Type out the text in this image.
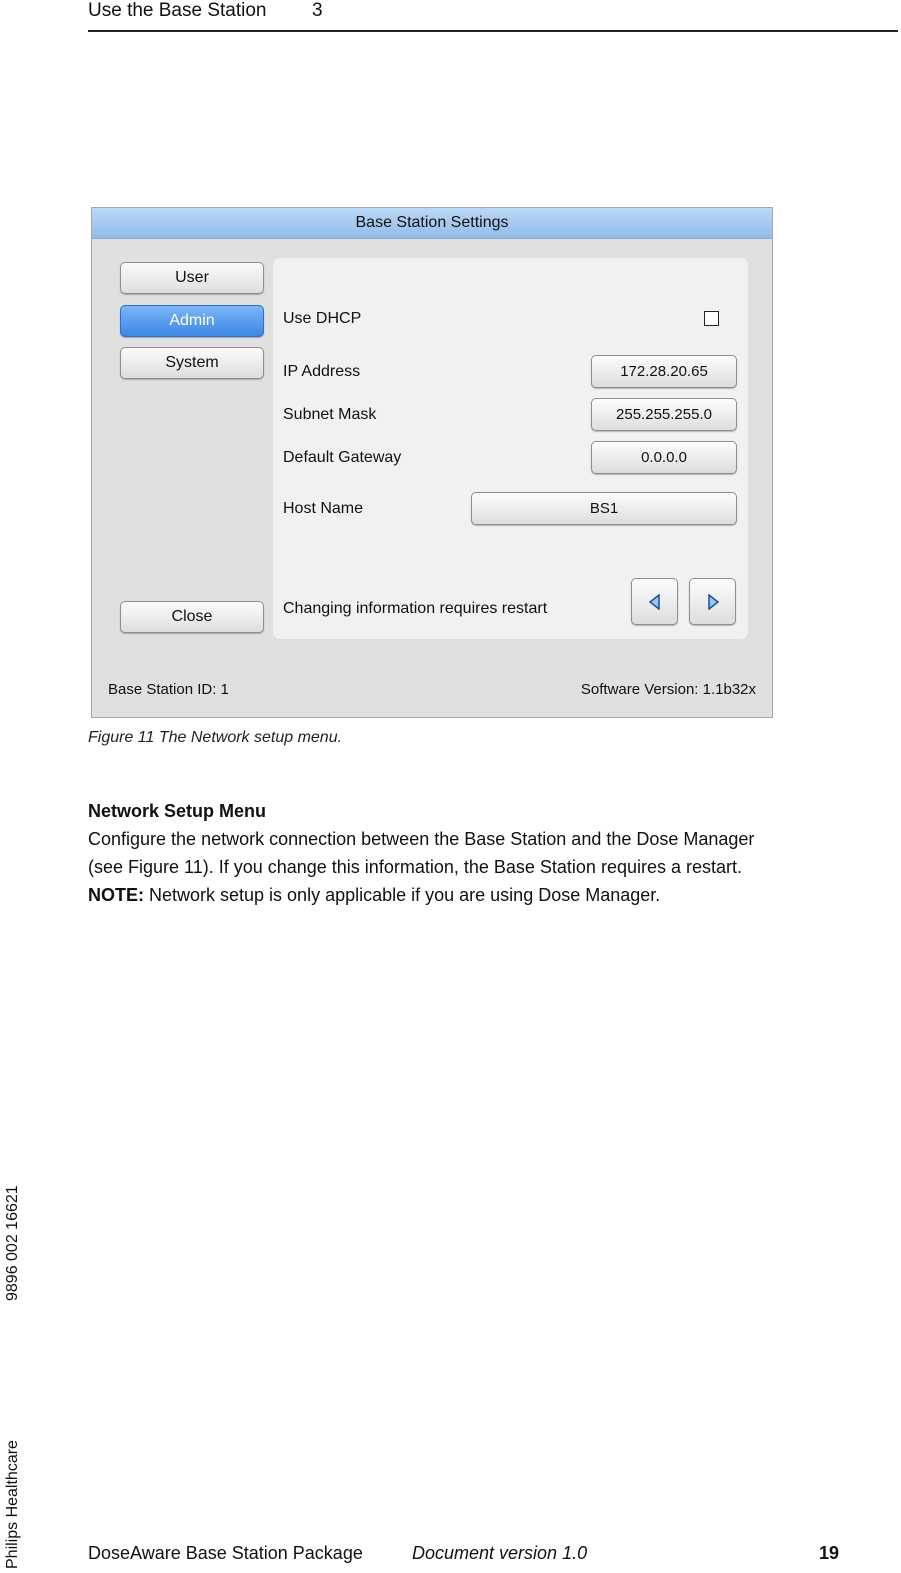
Use the Base Station 3
Philips Healthcare
9896 002 16621
Base Station Settings
User
Admin
System
Close
Use DHCP
IP Address	172.28.20.65
Subnet Mask	255.255.255.0
Default Gateway	0.0.0.0
Host Name	BS1
Changing information requires restart
Base Station ID: 1	Software Version: 1.1b32x
Figure 11 The Network setup menu.
Network Setup Menu
Configure the network connection between the Base Station and the Dose Manager
(see Figure 11). If you change this information, the Base Station requires a restart.
NOTE: Network setup is only applicable if you are using Dose Manager.
DoseAware Base Station Package	Document version 1.0	19
